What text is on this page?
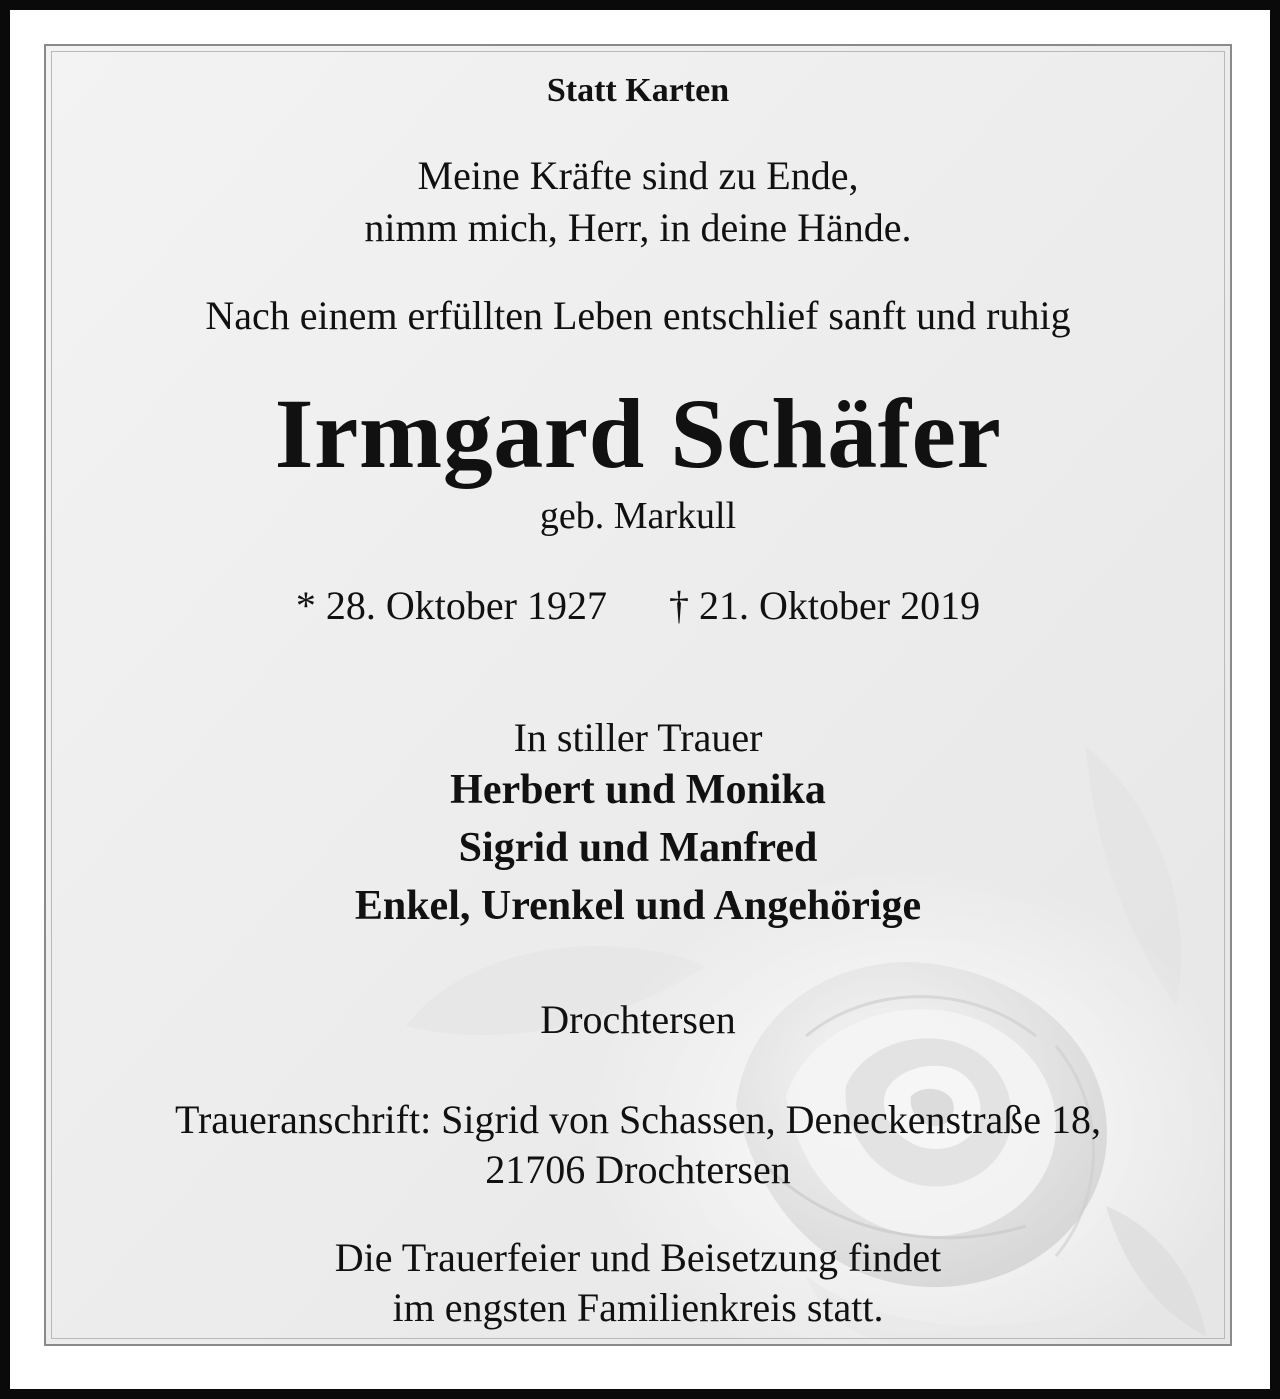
Statt Karten
Meine Kräfte sind zu Ende,
nimm mich, Herr, in deine Hände.
Nach einem erfüllten Leben entschlief sanft und ruhig
Irmgard Schäfer
geb. Markull
* 28. Oktober 1927 † 21. Oktober 2019
In stiller Trauer
Herbert und Monika
Sigrid und Manfred
Enkel, Urenkel und Angehörige
Drochtersen
Traueranschrift: Sigrid von Schassen, Deneckenstraße 18,
21706 Drochtersen
Die Trauerfeier und Beisetzung findet
im engsten Familienkreis statt.
